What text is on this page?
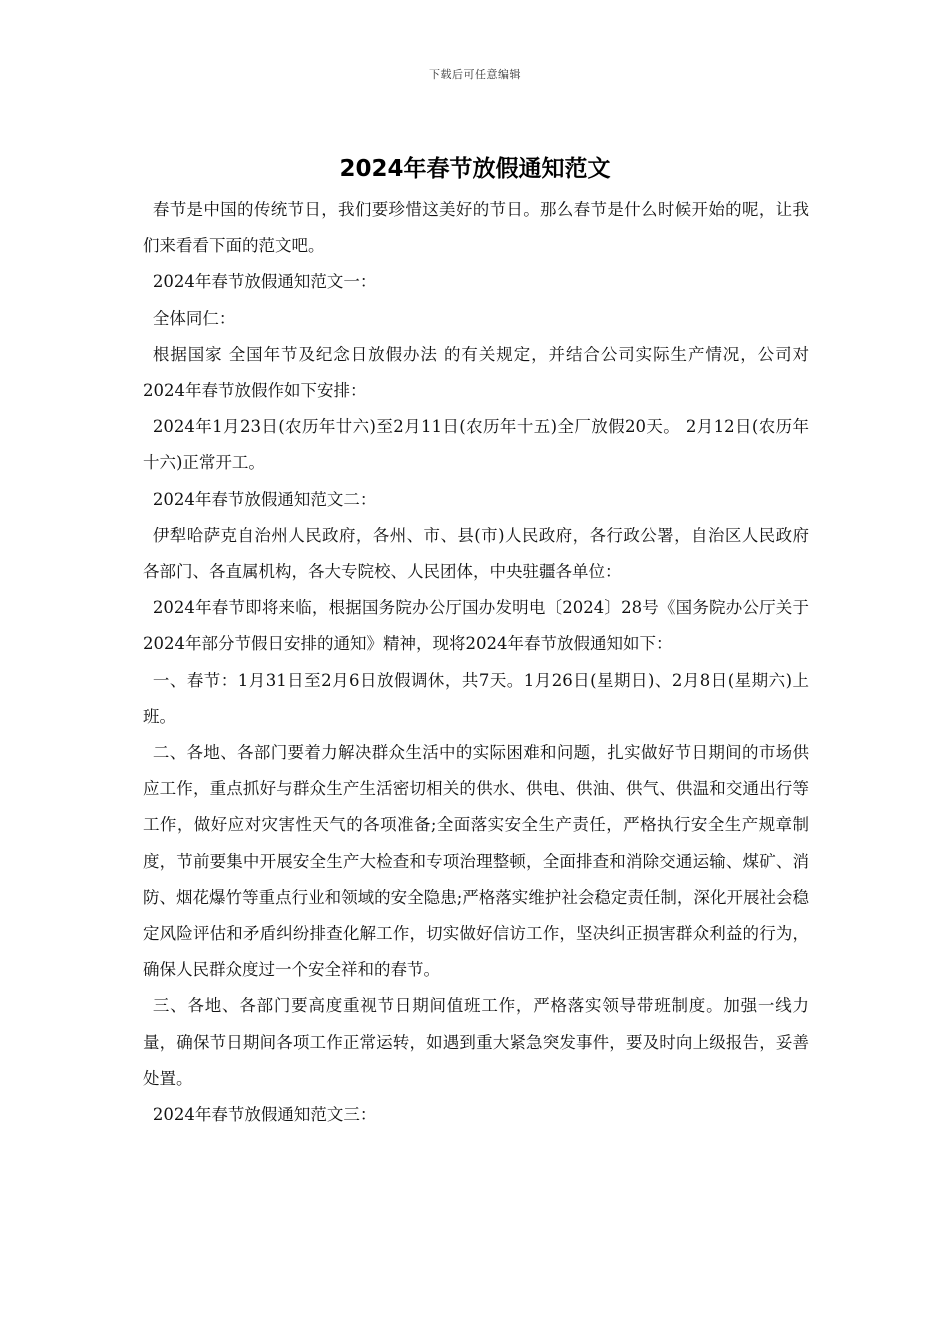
下载后可任意编辑
2024年春节放假通知范文

春节是中国的传统节日，我们要珍惜这美好的节日。那么春节是什么时候开始的呢，让我们来看看下面的范文吧。

2024年春节放假通知范文一：

全体同仁：

根据国家 全国年节及纪念日放假办法 的有关规定，并结合公司实际生产情况，公司对2024年春节放假作如下安排：

2024年1月23日(农历年廿六)至2月11日(农历年十五)全厂放假20天。 2月12日(农历年十六)正常开工。

2024年春节放假通知范文二：

伊犁哈萨克自治州人民政府，各州、市、县(市)人民政府，各行政公署，自治区人民政府各部门、各直属机构，各大专院校、人民团体，中央驻疆各单位：

2024年春节即将来临，根据国务院办公厅国办发明电〔2024〕28号《国务院办公厅关于2024年部分节假日安排的通知》精神，现将2024年春节放假通知如下：

一、春节：1月31日至2月6日放假调休，共7天。1月26日(星期日)、2月8日(星期六)上班。

二、各地、各部门要着力解决群众生活中的实际困难和问题，扎实做好节日期间的市场供应工作，重点抓好与群众生产生活密切相关的供水、供电、供油、供气、供温和交通出行等工作，做好应对灾害性天气的各项准备;全面落实安全生产责任，严格执行安全生产规章制度，节前要集中开展安全生产大检查和专项治理整顿，全面排查和消除交通运输、煤矿、消防、烟花爆竹等重点行业和领域的安全隐患;严格落实维护社会稳定责任制，深化开展社会稳定风险评估和矛盾纠纷排查化解工作，切实做好信访工作，坚决纠正损害群众利益的行为，确保人民群众度过一个安全祥和的春节。

三、各地、各部门要高度重视节日期间值班工作，严格落实领导带班制度。加强一线力量，确保节日期间各项工作正常运转，如遇到重大紧急突发事件，要及时向上级报告，妥善处置。

2024年春节放假通知范文三：
